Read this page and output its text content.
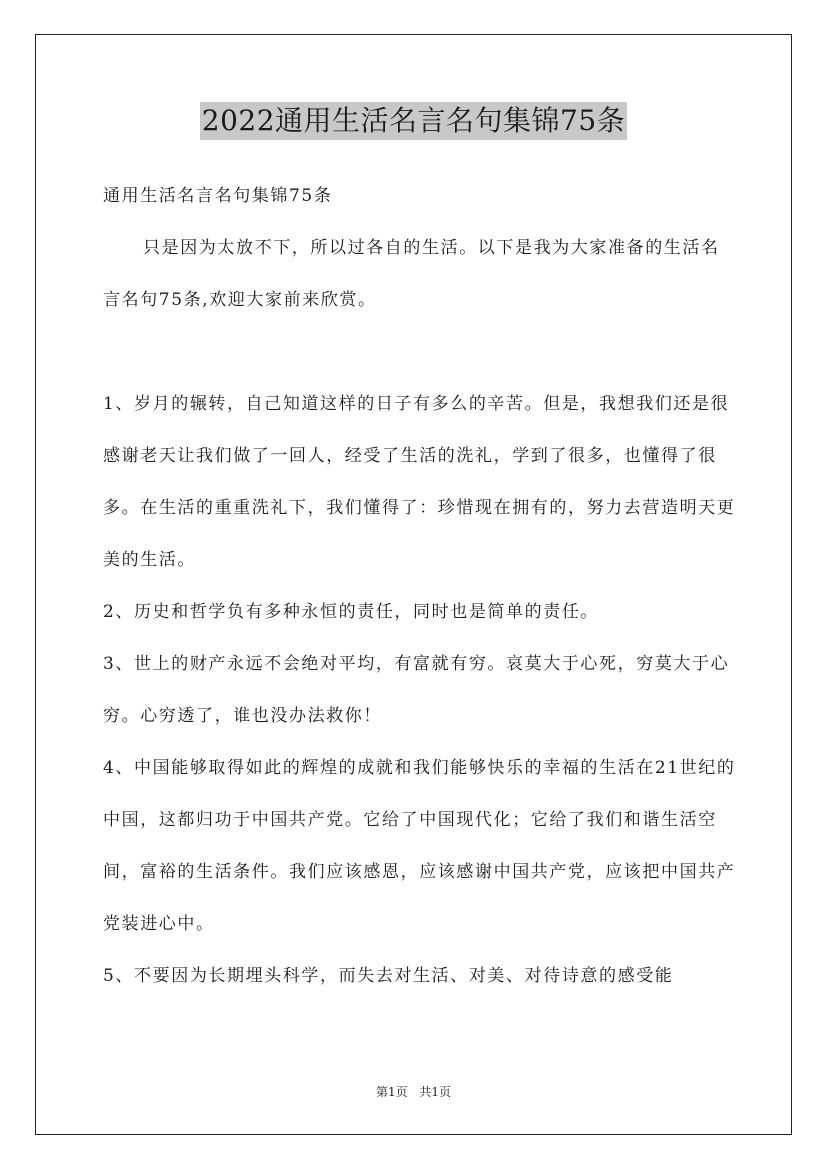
2022通用生活名言名句集锦75条

通用生活名言名句集锦75条

只是因为太放不下，所以过各自的生活。以下是我为大家准备的生活名言名句75条,欢迎大家前来欣赏。

1、岁月的辗转，自己知道这样的日子有多么的辛苦。但是，我想我们还是很感谢老天让我们做了一回人，经受了生活的洗礼，学到了很多，也懂得了很多。在生活的重重洗礼下，我们懂得了：珍惜现在拥有的，努力去营造明天更美的生活。

2、历史和哲学负有多种永恒的责任，同时也是简单的责任。

3、世上的财产永远不会绝对平均，有富就有穷。哀莫大于心死，穷莫大于心穷。心穷透了，谁也没办法救你！

4、中国能够取得如此的辉煌的成就和我们能够快乐的幸福的生活在21世纪的中国，这都归功于中国共产党。它给了中国现代化；它给了我们和谐生活空间，富裕的生活条件。我们应该感恩，应该感谢中国共产党，应该把中国共产党装进心中。

5、不要因为长期埋头科学，而失去对生活、对美、对待诗意的感受能

第1页 共1页
